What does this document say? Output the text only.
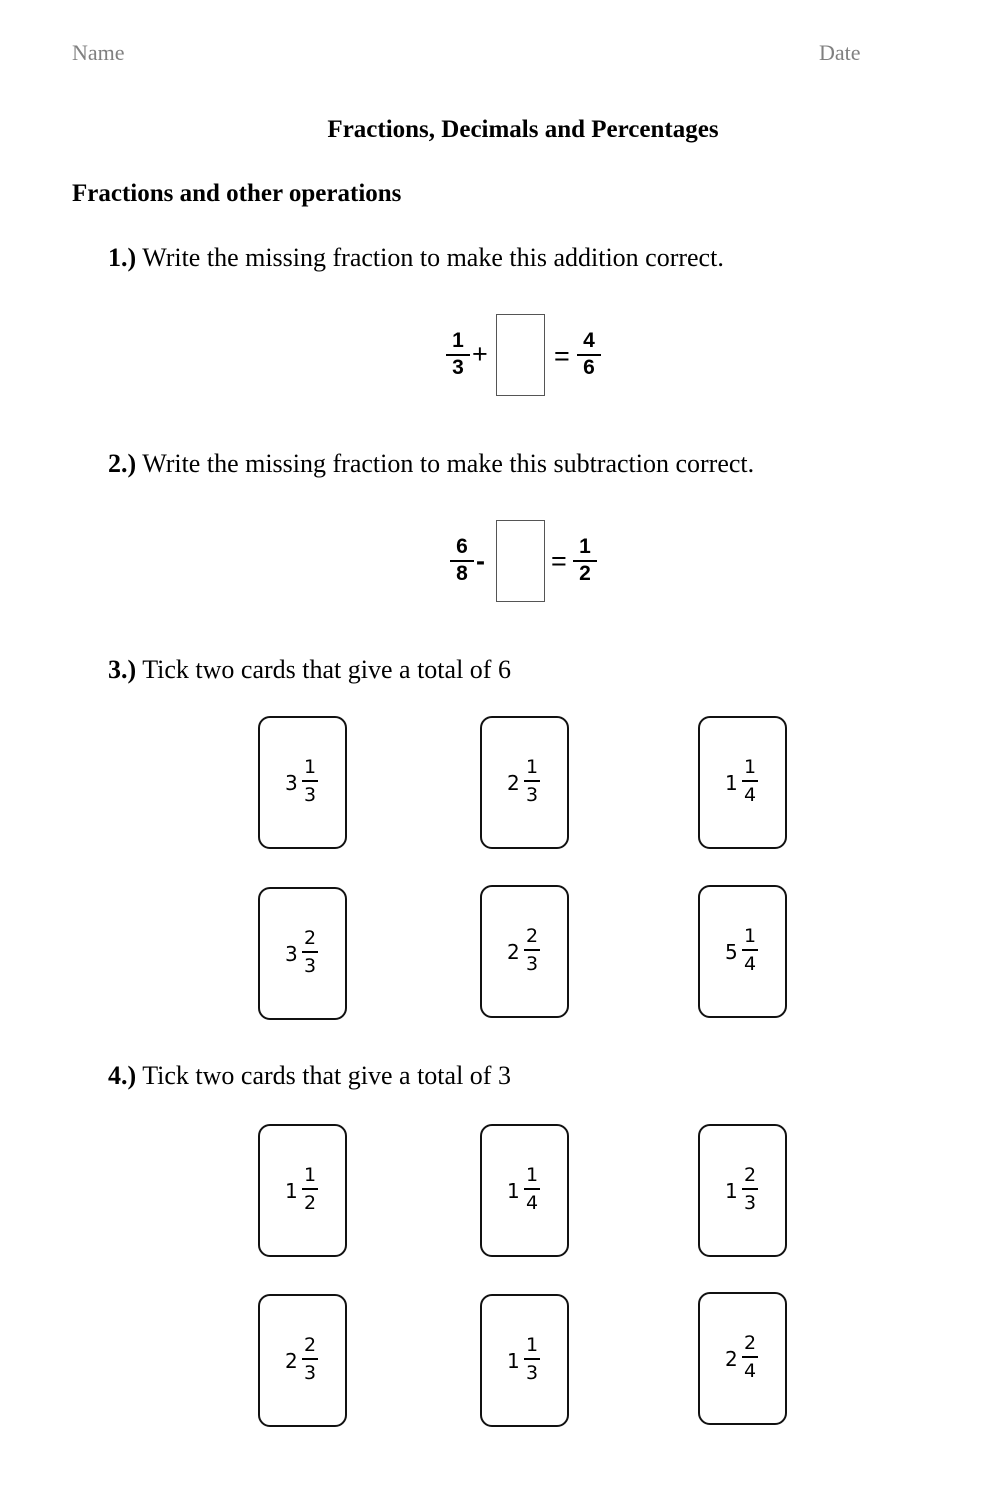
Name	Date
Fractions, Decimals and Percentages
Fractions and other operations
1.) Write the missing fraction to make this addition correct.
1
3 + =
4
6
2.) Write the missing fraction to make this subtraction correct.
6
8 - = 1
2
3.) Tick two cards that give a total of 6
3
1
3	2
1
3	1
1
4
3
2
3
2
2
3	5
1
4
4.) Tick two cards that give a total of 3
1
1
2	1
1
4	1
2
3
2
2
3	1
1
3
2
2
4
